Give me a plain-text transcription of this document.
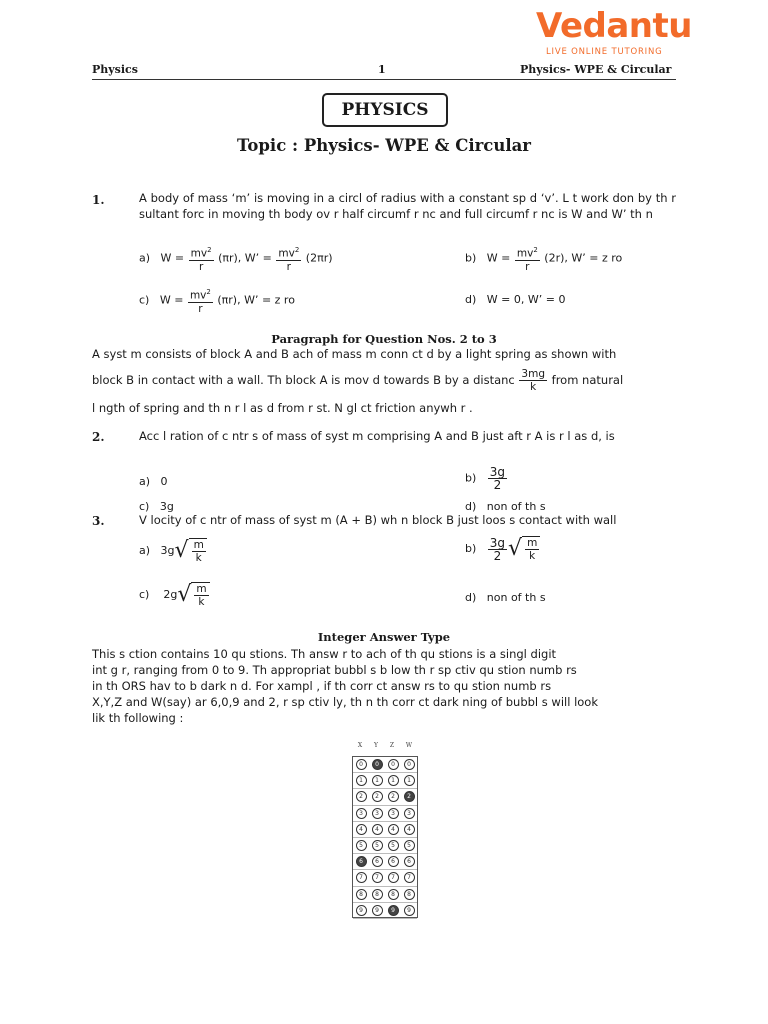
Vedantu
LIVE ONLINE TUTORING
Physics	1	Physics- WPE & Circular
PHYSICS
Topic : Physics- WPE & Circular
1.	A body of mass ‘m’ is moving in a circl of radius with a constant sp d ‘v’. L t work don by th r sultant forc in moving th body ov r half circumf r nc and full circumf r nc is W and W’ th n
a) $W = \frac{mv^2}{r} (\pi r)$, W’ = $\frac{mv^2}{r} (2\pi r)$	b) $W = \frac{mv^2}{r} (2r)$, W’ = z ro
c) $W = \frac{mv^2}{r} (\pi r)$, W’ = z ro	d) W = 0, W’ = 0
Paragraph for Question Nos. 2 to 3
A syst m consists of block A and B ach of mass m conn ct d by a light spring as shown with
block B in contact with a wall. Th block A is mov d towards B by a distanc $\frac{3mg}{k}$ from natural
l ngth of spring and th n r l as d from r st. N gl ct friction anywh r .
2.	Acc l ration of c ntr s of mass of syst m comprising A and B just aft r A is r l as d, is
a) 0	$b) \frac{3g}{2}$
c) 3g	d) non of th s
3.	V locity of c ntr of mass of syst m (A + B) wh n block B just loos s contact with wall
a) 3g √ $\frac{m}{k}$	$b) \frac{3g}{2}$ √ $\frac{m}{k}$
c) 2g √ $\frac{m}{k}$	d) non of th s
Integer Answer Type
This s ction contains 10 qu stions. Th answ r to ach of th qu stions is a singl digit
int g r, ranging from 0 to 9. Th appropriat bubbl s b low th r sp ctiv qu stion numb rs
in th ORS hav to b dark n d. For xampl , if th corr ct answ rs to qu stion numb rs
X,Y,Z and W(say) ar 6,0,9 and 2, r sp ctiv ly, th n th corr ct dark ning of bubbl s will look
lik th following :
X Y Z W
0	0	0	0
1	1	1	1
2	2	2	2
3	3	3	3
4	4	4	4
5	5	5	5
6	6	6	6
7	7	7	7
8	8	8	8
9	9	9	9
